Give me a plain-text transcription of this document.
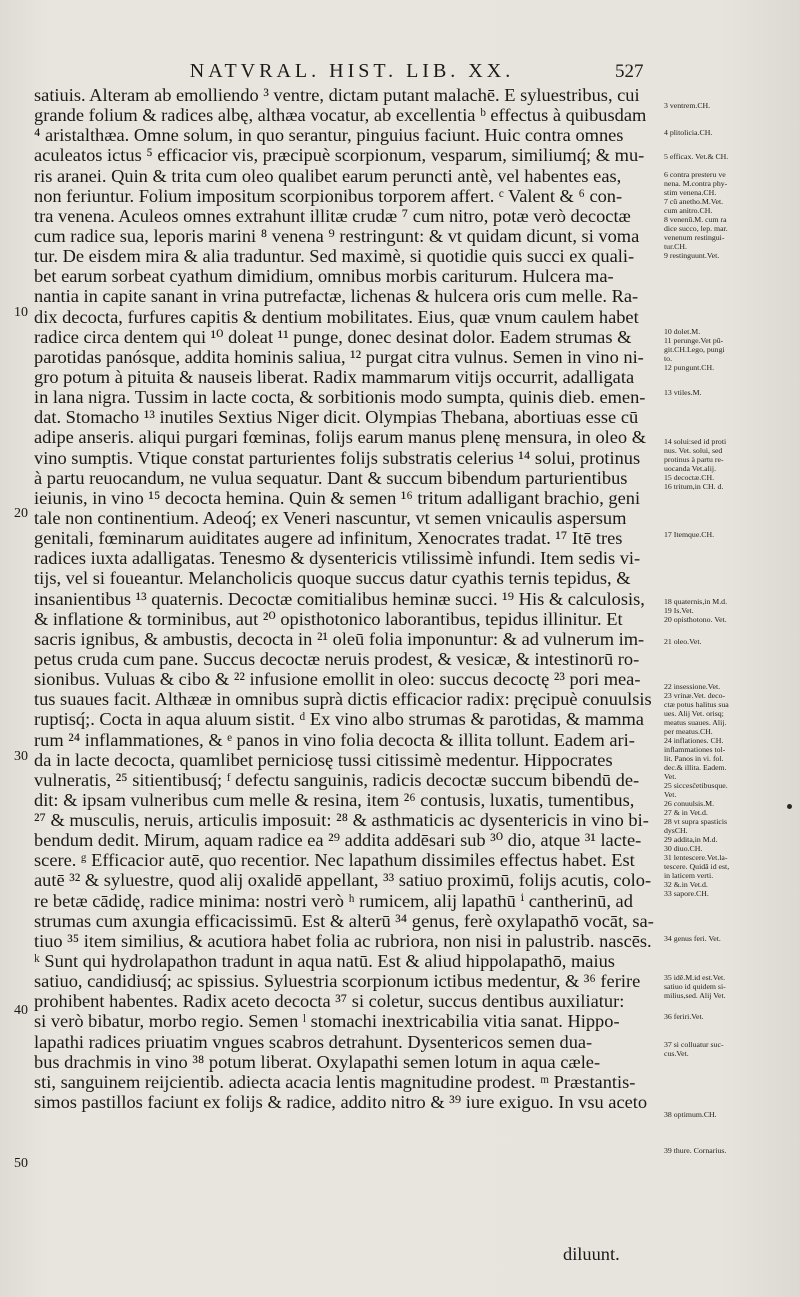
NATVRAL. HIST. LIB. XX.	527
satiuis. Alteram ab emolliendo ³ ventre, dictam putant malachē. E syluestribus, cui
grande folium & radices albę, althæa vocatur, ab excellentia ᵇ effectus à quibusdam
⁴ aristalthæa. Omne solum, in quo serantur, pinguius faciunt. Huic contra omnes
aculeatos ictus ⁵ efficacior vis, præcipuè scorpionum, vesparum, similiumq́; & mu-
ris aranei. Quin & trita cum oleo qualibet earum peruncti antè, vel habentes eas,
non feriuntur. Folium impositum scorpionibus torporem affert. ᶜ Valent & ⁶ con-
tra venena. Aculeos omnes extrahunt illitæ crudæ ⁷ cum nitro, potæ verò decoctæ
cum radice sua, leporis marini ⁸ venena ⁹ restringunt: & vt quidam dicunt, si voma
tur. De eisdem mira & alia traduntur. Sed maximè, si quotidie quis succi ex quali-
bet earum sorbeat cyathum dimidium, omnibus morbis cariturum. Hulcera ma-
nantia in capite sanant in vrina putrefactæ, lichenas & hulcera oris cum melle. Ra-
dix decocta, furfures capitis & dentium mobilitates. Eius, quæ vnum caulem habet
radice circa dentem qui ¹⁰ doleat ¹¹ punge, donec desinat dolor. Eadem strumas &
parotidas panósque, addita hominis saliua, ¹² purgat citra vulnus. Semen in vino ni-
gro potum à pituita & nauseis liberat. Radix mammarum vitijs occurrit, adalligata
in lana nigra. Tussim in lacte cocta, & sorbitionis modo sumpta, quinis dieb. emen-
dat. Stomacho ¹³ inutiles Sextius Niger dicit. Olympias Thebana, abortiuas esse cū
adipe anseris. aliqui purgari fœminas, folijs earum manus plenę mensura, in oleo &
vino sumptis. Vtique constat parturientes folijs substratis celerius ¹⁴ solui, protinus
à partu reuocandum, ne vulua sequatur. Dant & succum bibendum parturientibus
ieiunis, in vino ¹⁵ decocta hemina. Quin & semen ¹⁶ tritum adalligant brachio, geni
tale non continentium. Adeoq́; ex Veneri nascuntur, vt semen vnicaulis aspersum
genitali, fœminarum auiditates augere ad infinitum, Xenocrates tradat. ¹⁷ Itē tres
radices iuxta adalligatas. Tenesmo & dysentericis vtilissimè infundi. Item sedis vi-
tijs, vel si foueantur. Melancholicis quoque succus datur cyathis ternis tepidus, &
insanientibus ¹³ quaternis. Decoctæ comitialibus heminæ succi. ¹⁹ His & calculosis,
& inflatione & torminibus, aut ²⁰ opisthotonico laborantibus, tepidus illinitur. Et
sacris ignibus, & ambustis, decocta in ²¹ oleū folia imponuntur: & ad vulnerum im-
petus cruda cum pane. Succus decoctæ neruis prodest, & vesicæ, & intestinorū ro-
sionibus. Vuluas & cibo & ²² infusione emollit in oleo: succus decoctę ²³ pori mea-
tus suaues facit. Althææ in omnibus suprà dictis efficacior radix: pręcipuè conuulsis
ruptisq́;. Cocta in aqua aluum sistit. ᵈ Ex vino albo strumas & parotidas, & mamma
rum ²⁴ inflammationes, & ᵉ panos in vino folia decocta & illita tollunt. Eadem ari-
da in lacte decocta, quamlibet perniciosę tussi citissimè medentur. Hippocrates
vulneratis, ²⁵ sitientibusq́; ᶠ defectu sanguinis, radicis decoctæ succum bibendū de-
dit: & ipsam vulneribus cum melle & resina, item ²⁶ contusis, luxatis, tumentibus,
²⁷ & musculis, neruis, articulis imposuit: ²⁸ & asthmaticis ac dysentericis in vino bi-
bendum dedit. Mirum, aquam radice ea ²⁹ addita addēsari sub ³⁰ dio, atque ³¹ lacte-
scere. ᵍ Efficacior autē, quo recentior. Nec lapathum dissimiles effectus habet. Est
autē ³² & syluestre, quod alij oxalidē appellant, ³³ satiuo proximū, folijs acutis, colo-
re betæ cādidę, radice minima: nostri verò ʰ rumicem, alij lapathū ⁱ cantherinū, ad
strumas cum axungia efficacissimū. Est & alterū ³⁴ genus, ferè oxylapathō vocāt, sa-
tiuo ³⁵ item similius, & acutiora habet folia ac rubriora, non nisi in palustrib. nascēs.
ᵏ Sunt qui hydrolapathon tradunt in aqua natū. Est & aliud hippolapathō, maius
satiuo, candidiusq́; ac spissius. Syluestria scorpionum ictibus medentur, & ³⁶ ferire
prohibent habentes. Radix aceto decocta ³⁷ si coletur, succus dentibus auxiliatur:
si verò bibatur, morbo regio. Semen ˡ stomachi inextricabilia vitia sanat. Hippo-
lapathi radices priuatim vngues scabros detrahunt. Dysentericos semen dua-
bus drachmis in vino ³⁸ potum liberat. Oxylapathi semen lotum in aqua cæle-
sti, sanguinem reijcientib. adiecta acacia lentis magnitudine prodest. ᵐ Præstantis-
simos pastillos faciunt ex folijs & radice, addito nitro & ³⁹ iure exiguo. In vsu aceto
diluunt.
3 ventrem.CH.
4 plitolicia.CH.
5 efficax. Vet.& CH.
6 contra presteru ve
nena. M.contra phy-
stim venena.CH.
7 cū anetho.M.Vet.
cum anitro.CH.
8 venenū.M. cum ra
dice succo, lep. mar.
venenum restingui-
tur.CH.
9 restinguunt.Vet.
10 dolet.M.
11 perunge.Vet pū-
git.CH.Lego, pungi
to.
12 pungunt.CH.
13 vtiles.M.
14 solui:sed id proti
nus. Vet. solui, sed
protinus à partu re-
uocanda Vet.alij.
15 decoctæ.CH.
16 tritum,in CH. d.
17 Itemque.CH.
18 quaternis,in M.d.
19 Is.Vet.
20 opisthotono. Vet.
21 oleo.Vet.
22 insessione.Vet.
23 vrinæ.Vet. deco-
ctæ potus halitus sua
ues. Alij Vet. orisq;
meatus suaues. Alij.
per meatus.CH.
24 inflationes. CH.
inflammationes tol-
lit. Panos in vi. fol.
dec.& illita. Eadem.
Vet.
25 siccesc̄etibusque.
Vet.
26 conuulsis.M.
27 & in Vet.d.
28 vt supra spasticis
dysCH.
29 addita,in M.d.
30 diuo.CH.
31 lentescere.Vet.la-
tescere. Quidā id est,
in laticem verti.
32 &.in Vet.d.
33 sapore.CH.
34 genus feri. Vet.
35 idē.M.id est.Vet.
satiuo id quidem si-
milius,sed. Alij Vet.
36 feriri.Vet.
37 si colluatur suc-
cus.Vet.
38 optimum.CH.
39 thure. Cornarius.
10
20
30
40
50
